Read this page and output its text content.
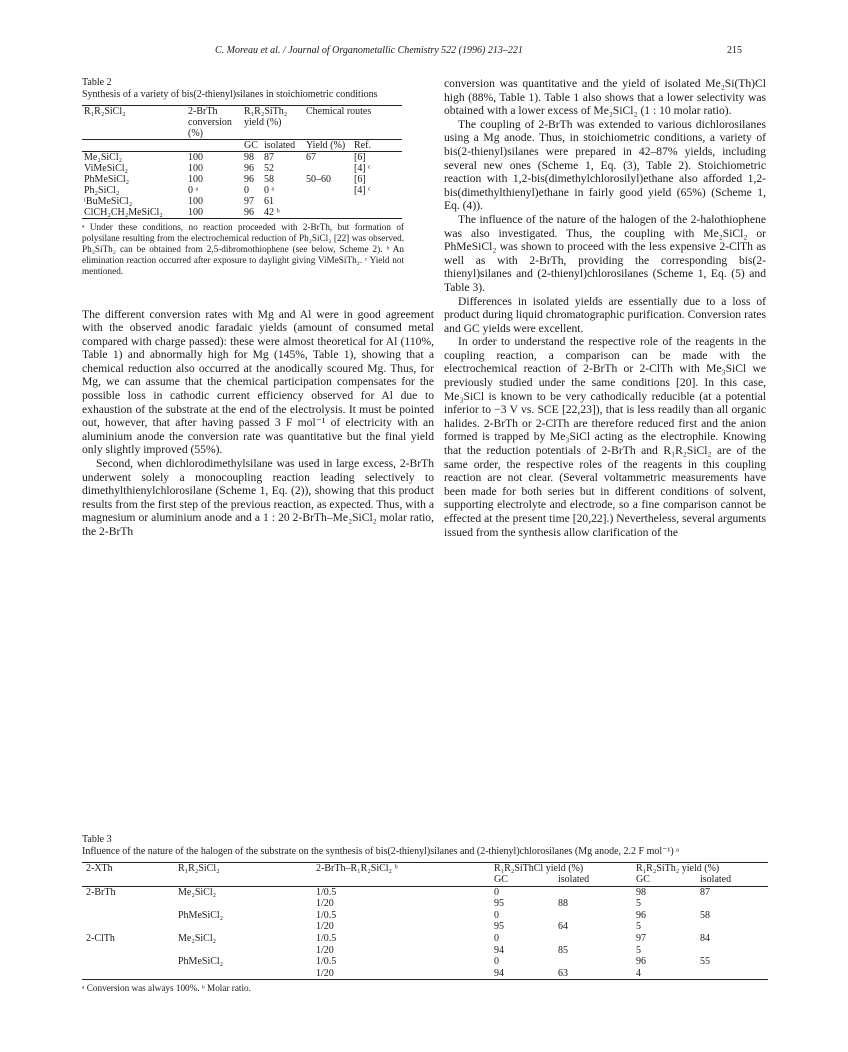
C. Moreau et al. / Journal of Organometallic Chemistry 522 (1996) 213–221	215
Table 2
Synthesis of a variety of bis(2-thienyl)silanes in stoichiometric conditions
R₁R₂SiCl₂	2-BrTh conversion (%)	R₁R₂SiTh₂ yield (%)		Chemical routes	
		GC	isolated	Yield (%)	Ref.
Me₂SiCl₂	100	98	87	67	[6]
ViMeSiCl₂	100	96	52		[4] ᶜ
PhMeSiCl₂	100	96	58	50–60	[6]
Ph₂SiCl₂	0 ᵃ	0	0 ᵃ		[4] ᶜ
ᵗBuMeSiCl₂	100	97	61		
ClCH₂CH₂MeSiCl₂	100	96	42 ᵇ		
ᵃ Under these conditions, no reaction proceeded with 2-BrTh, but formation of polysilane resulting from the electrochemical reduction of Ph₂SiCl₂ [22] was observed. Ph₂SiTh₂ can be obtained from 2,5-dibromothiophene (see below, Scheme 2). ᵇ An elimination reaction occurred after exposure to daylight giving ViMeSiTh₂. ᶜ Yield not mentioned.

The different conversion rates with Mg and Al were in good agreement with the observed anodic faradaic yields (amount of consumed metal compared with charge passed): these were almost theoretical for Al (110%, Table 1) and abnormally high for Mg (145%, Table 1), showing that a chemical reduction also occurred at the anodically scoured Mg. Thus, for Mg, we can assume that the chemical participation compensates for the possible loss in cathodic current efficiency observed for Al due to exhaustion of the substrate at the end of the electrolysis. It must be pointed out, however, that after having passed 3 F mol⁻¹ of electricity with an aluminium anode the conversion rate was quantitative but the final yield only slightly improved (55%).

Second, when dichlorodimethylsilane was used in large excess, 2-BrTh underwent solely a monocoupling reaction leading selectively to dimethylthienylchlorosilane (Scheme 1, Eq. (2)), showing that this product results from the first step of the previous reaction, as expected. Thus, with a magnesium or aluminium anode and a 1 : 20 2-BrTh–Me₂SiCl₂ molar ratio, the 2-BrTh

conversion was quantitative and the yield of isolated Me₂Si(Th)Cl high (88%, Table 1). Table 1 also shows that a lower selectivity was obtained with a lower excess of Me₂SiCl₂ (1 : 10 molar ratio).

The coupling of 2-BrTh was extended to various dichlorosilanes using a Mg anode. Thus, in stoichiometric conditions, a variety of bis(2-thienyl)silanes were prepared in 42–87% yields, including several new ones (Scheme 1, Eq. (3), Table 2). Stoichiometric reaction with 1,2-bis(dimethylchlorosilyl)ethane also afforded 1,2-bis(dimethylthienyl)ethane in fairly good yield (65%) (Scheme 1, Eq. (4)).

The influence of the nature of the halogen of the 2-halothiophene was also investigated. Thus, the coupling with Me₂SiCl₂ or PhMeSiCl₂ was shown to proceed with the less expensive 2-ClTh as well as with 2-BrTh, providing the corresponding bis(2-thienyl)silanes and (2-thienyl)chlorosilanes (Scheme 1, Eq. (5) and Table 3).

Differences in isolated yields are essentially due to a loss of product during liquid chromatographic purification. Conversion rates and GC yields were excellent.

In order to understand the respective role of the reagents in the coupling reaction, a comparison can be made with the electrochemical reaction of 2-BrTh or 2-ClTh with Me₃SiCl we previously studied under the same conditions [20]. In this case, Me₃SiCl is known to be very cathodically reducible (at a potential inferior to −3 V vs. SCE [22,23]), that is less readily than all organic halides. 2-BrTh or 2-ClTh are therefore reduced first and the anion formed is trapped by Me₃SiCl acting as the electrophile. Knowing that the reduction potentials of 2-BrTh and R₁R₂SiCl₂ are of the same order, the respective roles of the reagents in this coupling reaction are not clear. (Several voltammetric measurements have been made for both series but in different conditions of solvent, supporting electrolyte and electrode, so a fine comparison cannot be effected at the present time [20,22].) Nevertheless, several arguments issued from the synthesis allow clarification of the

Table 3
Influence of the nature of the halogen of the substrate on the synthesis of bis(2-thienyl)silanes and (2-thienyl)chlorosilanes (Mg anode, 2.2 F mol⁻¹) ᵃ
2-XTh	R₁R₂SiCl₂	2-BrTh–R₁R₂SiCl₂ ᵇ	R₁R₂SiThCl yield (%)		R₁R₂SiTh₂ yield (%)	
			GC	isolated	GC	isolated
2-BrTh	Me₂SiCl₂	1/0.5	0		98	87
		1/20	95	88	5	
	PhMeSiCl₂	1/0.5	0		96	58
		1/20	95	64	5	
2-ClTh	Me₂SiCl₂	1/0.5	0		97	84
		1/20	94	85	5	
	PhMeSiCl₂	1/0.5	0		96	55
		1/20	94	63	4	
ᵃ Conversion was always 100%. ᵇ Molar ratio.
